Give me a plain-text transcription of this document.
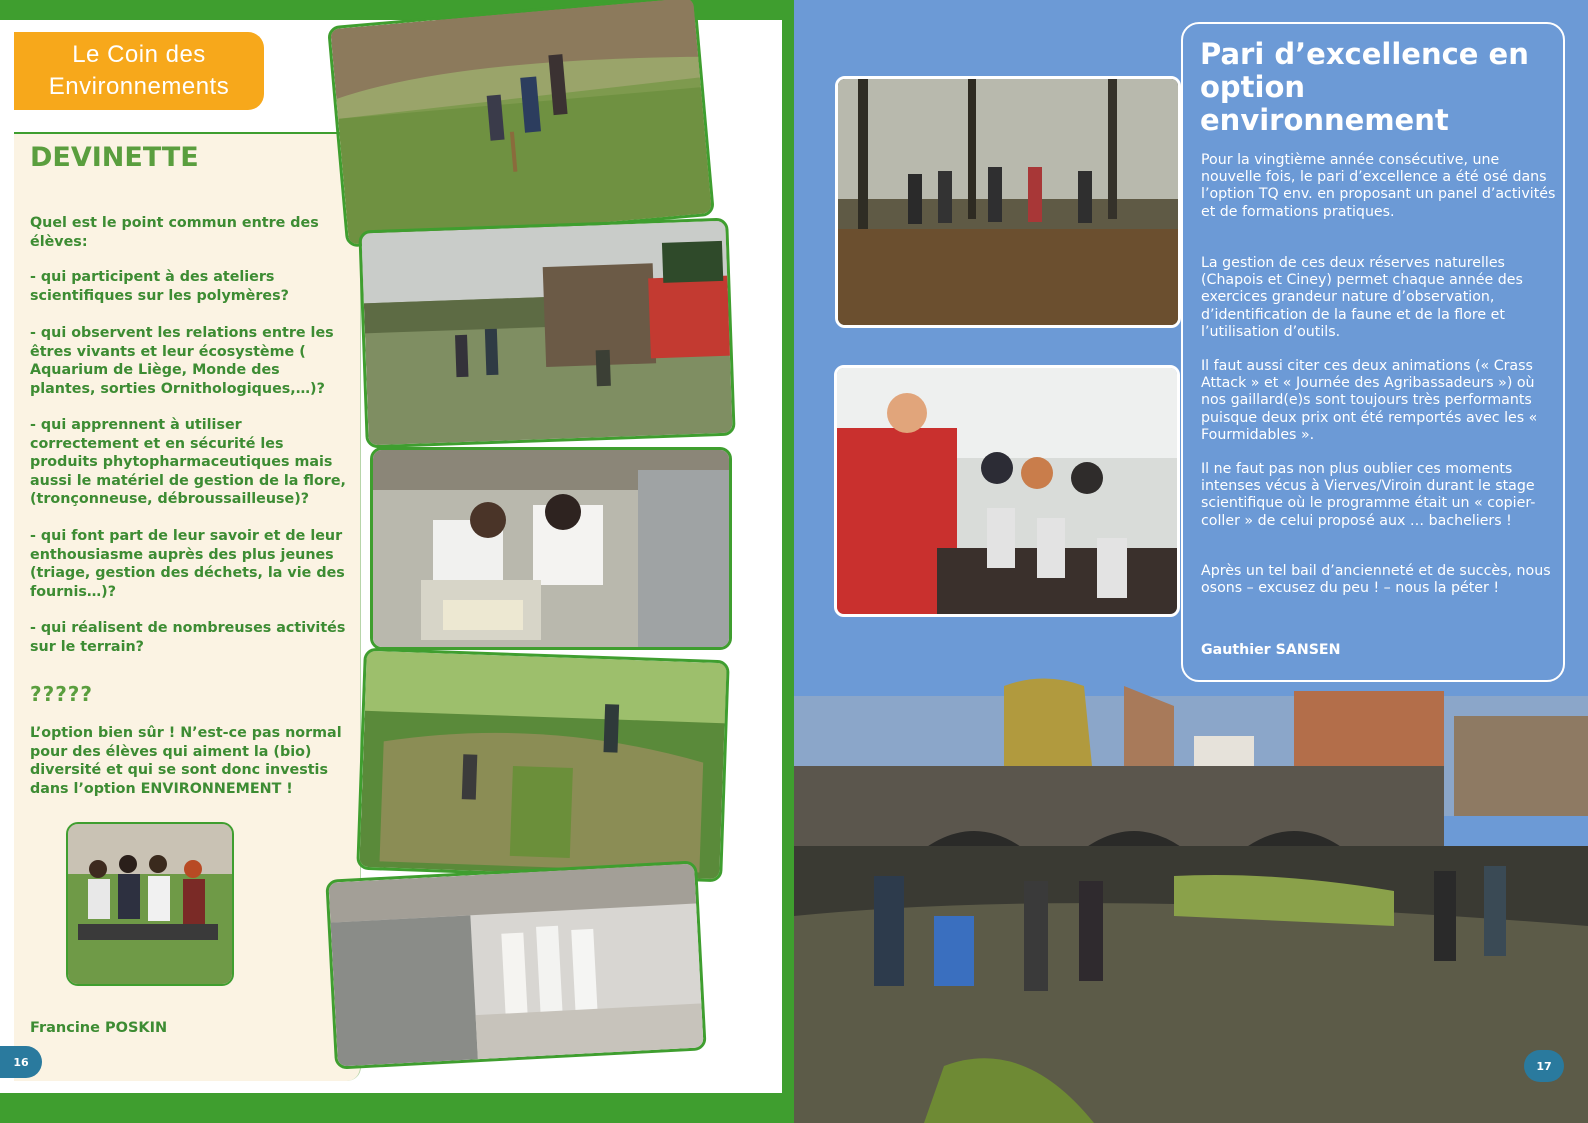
Le Coin des
Environnements
DEVINETTE
Quel est le point commun entre des élèves:
- qui participent à des ateliers scientifiques sur les polymères?
- qui observent les relations entre les êtres vivants et leur écosystème ( Aquarium de Liège, Monde des plantes, sorties Ornithologiques,…)?
- qui apprennent à utiliser correctement et en sécurité les produits phytopharmaceutiques mais aussi le matériel de gestion de la flore, (tronçonneuse, débroussailleuse)?
- qui font part de leur savoir et de leur enthousiasme auprès des plus jeunes (triage, gestion des déchets, la vie des fournis…)?
- qui réalisent de nombreuses activités sur le terrain?
?????
L’option bien sûr ! N’est-ce pas normal pour des élèves qui aiment la (bio) diversité et qui se sont donc investis dans l’option ENVIRONNEMENT !
Francine POSKIN
16
Pari d’excellence en
option environnement
Pour la vingtième année consécutive, une nouvelle fois, le pari d’excellence a été osé dans l’option TQ env. en proposant un panel d’activités et de formations pratiques.
La gestion de ces deux réserves naturelles (Chapois et Ciney) permet chaque année des exercices grandeur nature d’observation, d’identification de la faune et de la flore et l’utilisation d’outils.
Il faut aussi citer ces deux animations (« Crass Attack » et « Journée des Agribassadeurs ») où nos gaillard(e)s sont toujours très performants puisque deux prix ont été remportés avec les « Fourmidables ».
Il ne faut pas non plus oublier ces moments intenses vécus à Vierves/Viroin durant le stage scientifique où le programme était un « copier-coller » de celui proposé aux … bacheliers !
Après un tel bail d’ancienneté et de succès, nous osons – excusez du peu ! – nous la péter !
Gauthier SANSEN
17
